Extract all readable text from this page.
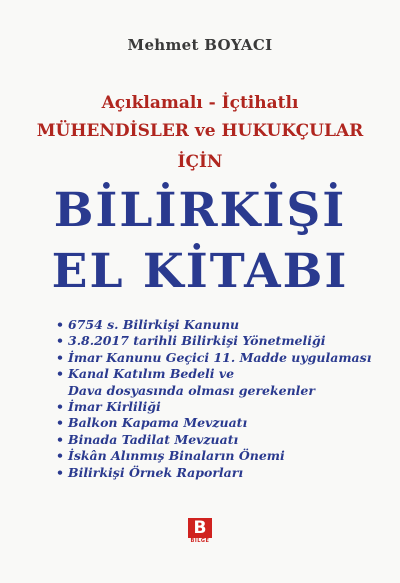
Mehmet BOYACI
Açıklamalı - İçtihatlı
MÜHENDİSLER ve HUKUKÇULAR
İÇİN
BİLİRKİŞİ
EL KİTABI
• 6754 s. Bilirkişi Kanunu
• 3.8.2017 tarihli Bilirkişi Yönetmeliği
• İmar Kanunu Geçici 11. Madde uygulaması
• Kanal Katılım Bedeli ve
Dava dosyasında olması gerekenler
• İmar Kirliliği
• Balkon Kapama Mevzuatı
• Binada Tadilat Mevzuatı
• İskân Alınmış Binaların Önemi
• Bilirkişi Örnek Raporları
B
BİLGE
